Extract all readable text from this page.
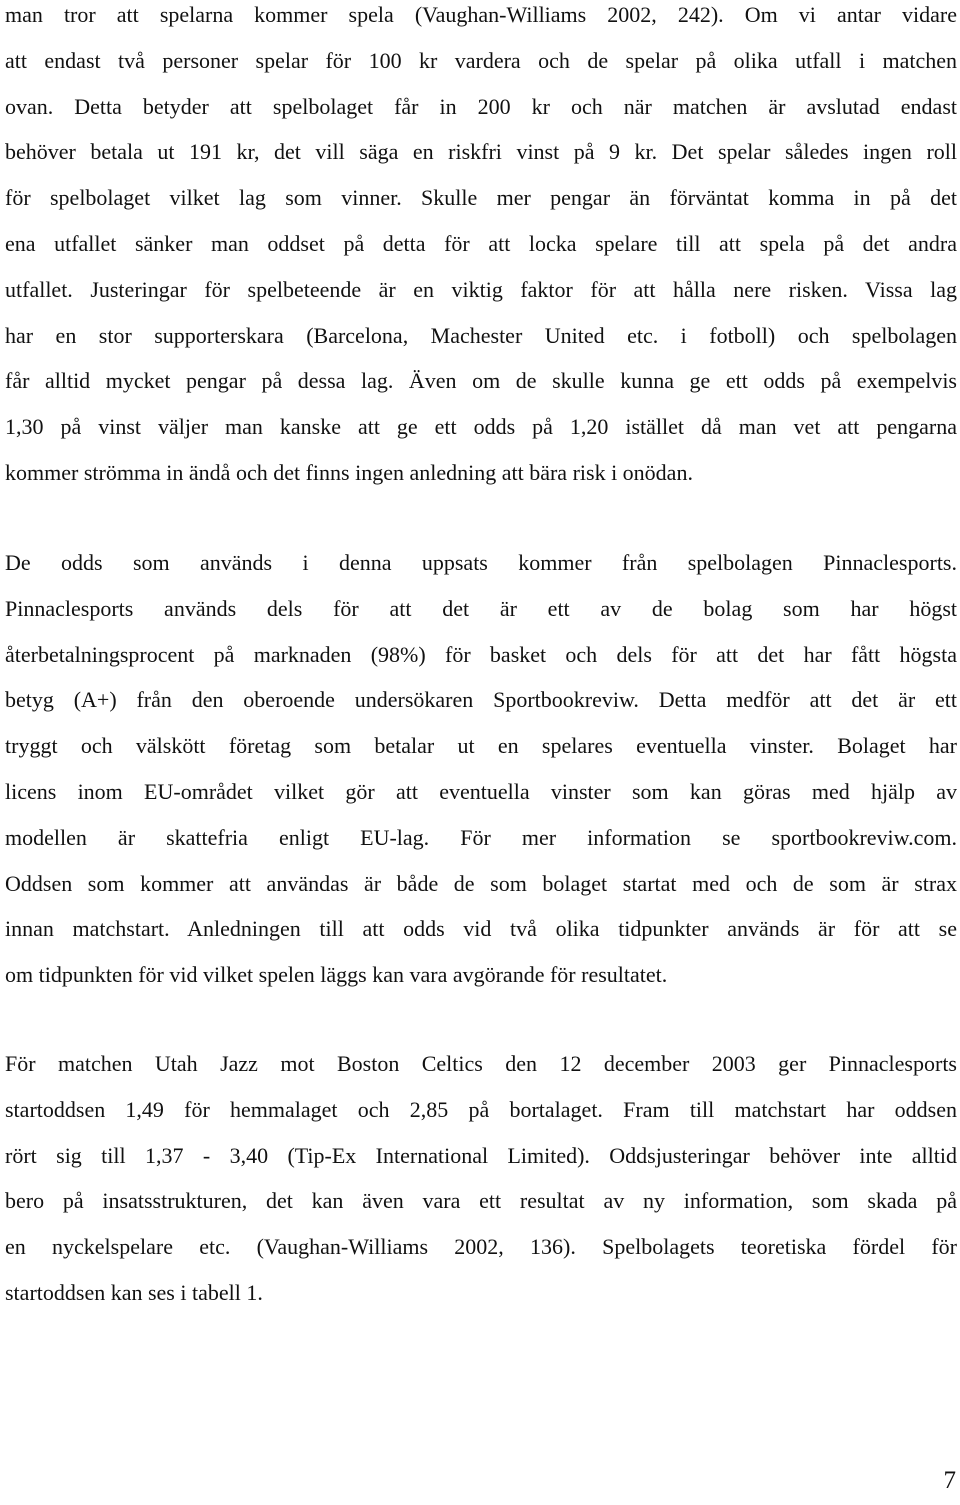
man tror att spelarna kommer spela (Vaughan-Williams 2002, 242). Om vi antar vidare
att endast två personer spelar för 100 kr vardera och de spelar på olika utfall i matchen
ovan. Detta betyder att spelbolaget får in 200 kr och när matchen är avslutad endast
behöver betala ut 191 kr, det vill säga en riskfri vinst på 9 kr. Det spelar således ingen roll
för spelbolaget vilket lag som vinner. Skulle mer pengar än förväntat komma in på det
ena utfallet sänker man oddset på detta för att locka spelare till att spela på det andra
utfallet. Justeringar för spelbeteende är en viktig faktor för att hålla nere risken. Vissa lag
har en stor supporterskara (Barcelona, Machester United etc. i fotboll) och spelbolagen
får alltid mycket pengar på dessa lag. Även om de skulle kunna ge ett odds på exempelvis
1,30 på vinst väljer man kanske att ge ett odds på 1,20 istället då man vet att pengarna
kommer strömma in ändå och det finns ingen anledning att bära risk i onödan.

De odds som används i denna uppsats kommer från spelbolagen Pinnaclesports.
Pinnaclesports används dels för att det är ett av de bolag som har högst
återbetalningsprocent på marknaden (98%) för basket och dels för att det har fått högsta
betyg (A+) från den oberoende undersökaren Sportbookreviw. Detta medför att det är ett
tryggt och välskött företag som betalar ut en spelares eventuella vinster. Bolaget har
licens inom EU-området vilket gör att eventuella vinster som kan göras med hjälp av
modellen är skattefria enligt EU-lag. För mer information se sportbookreviw.com.
Oddsen som kommer att användas är både de som bolaget startat med och de som är strax
innan matchstart. Anledningen till att odds vid två olika tidpunkter används är för att se
om tidpunkten för vid vilket spelen läggs kan vara avgörande för resultatet.

För matchen Utah Jazz mot Boston Celtics den 12 december 2003 ger Pinnaclesports
startoddsen 1,49 för hemmalaget och 2,85 på bortalaget. Fram till matchstart har oddsen
rört sig till 1,37 - 3,40 (Tip-Ex International Limited). Oddsjusteringar behöver inte alltid
bero på insatsstrukturen, det kan även vara ett resultat av ny information, som skada på
en nyckelspelare etc. (Vaughan-Williams 2002, 136). Spelbolagets teoretiska fördel för
startoddsen kan ses i tabell 1.

7
